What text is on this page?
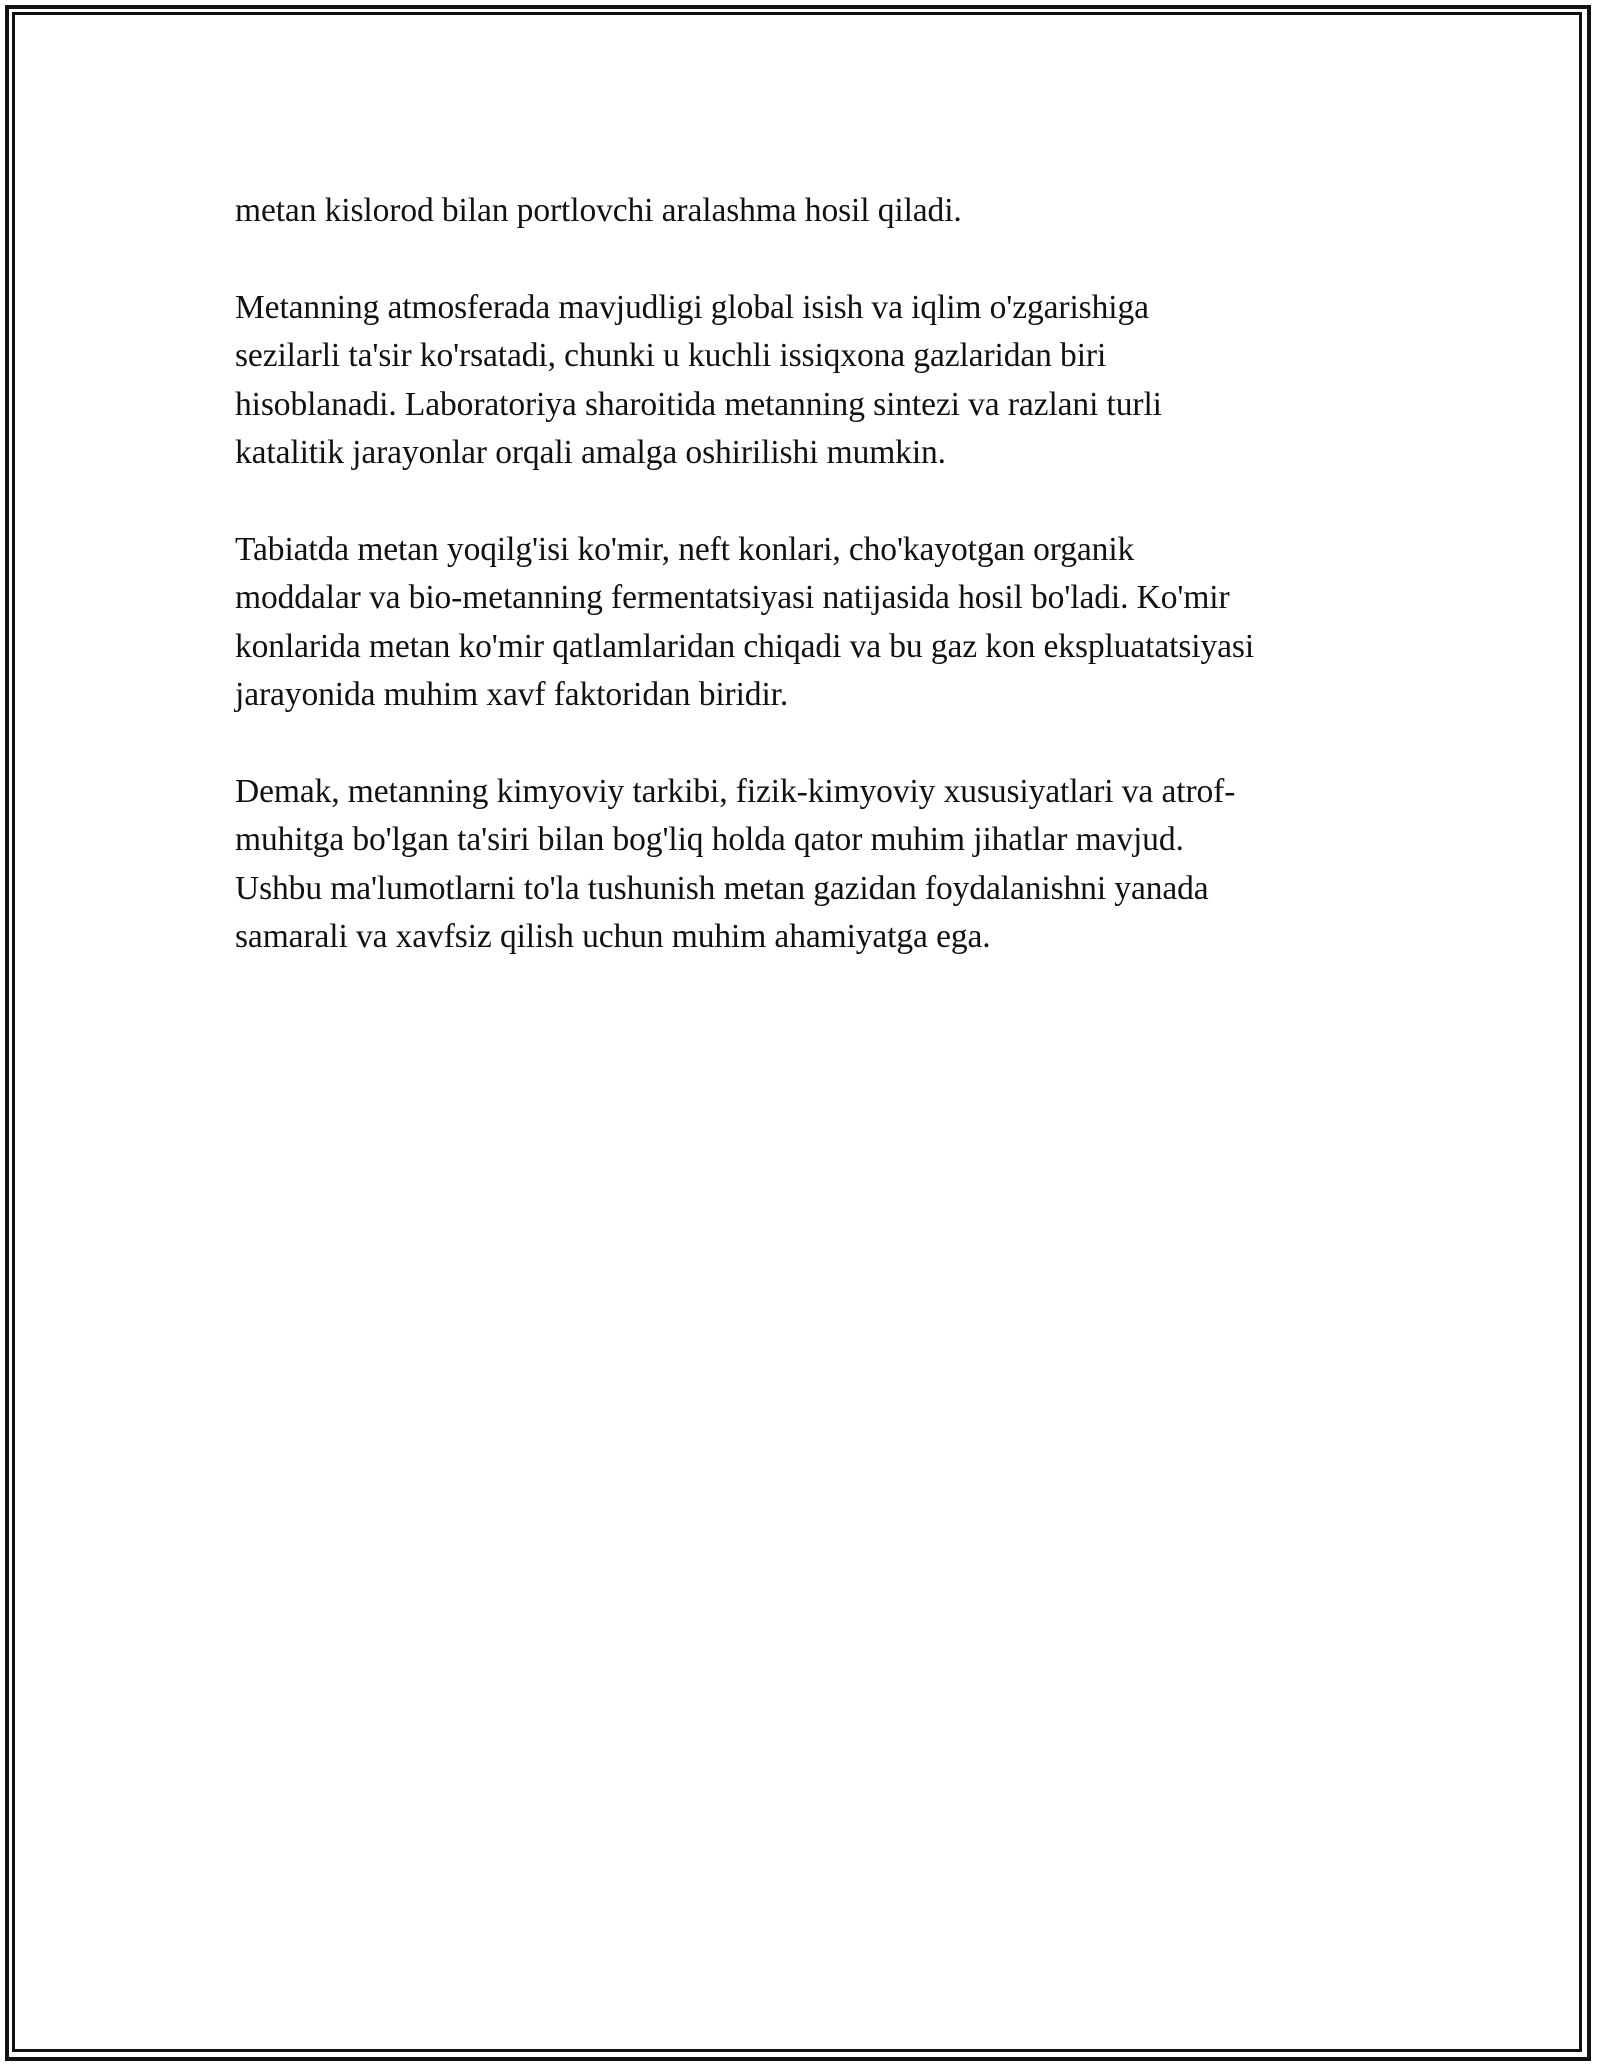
metan kislorod bilan portlovchi aralashma hosil qiladi.

Metanning atmosferada mavjudligi global isish va iqlim o'zgarishiga
sezilarli ta'sir ko'rsatadi, chunki u kuchli issiqxona gazlaridan biri
hisoblanadi. Laboratoriya sharoitida metanning sintezi va razlani turli
katalitik jarayonlar orqali amalga oshirilishi mumkin.

Tabiatda metan yoqilg'isi ko'mir, neft konlari, cho'kayotgan organik
moddalar va bio-metanning fermentatsiyasi natijasida hosil bo'ladi. Ko'mir
konlarida metan ko'mir qatlamlaridan chiqadi va bu gaz kon ekspluatatsiyasi
jarayonida muhim xavf faktoridan biridir.

Demak, metanning kimyoviy tarkibi, fizik-kimyoviy xususiyatlari va atrof-
muhitga bo'lgan ta'siri bilan bog'liq holda qator muhim jihatlar mavjud.
Ushbu ma'lumotlarni to'la tushunish metan gazidan foydalanishni yanada
samarali va xavfsiz qilish uchun muhim ahamiyatga ega.
